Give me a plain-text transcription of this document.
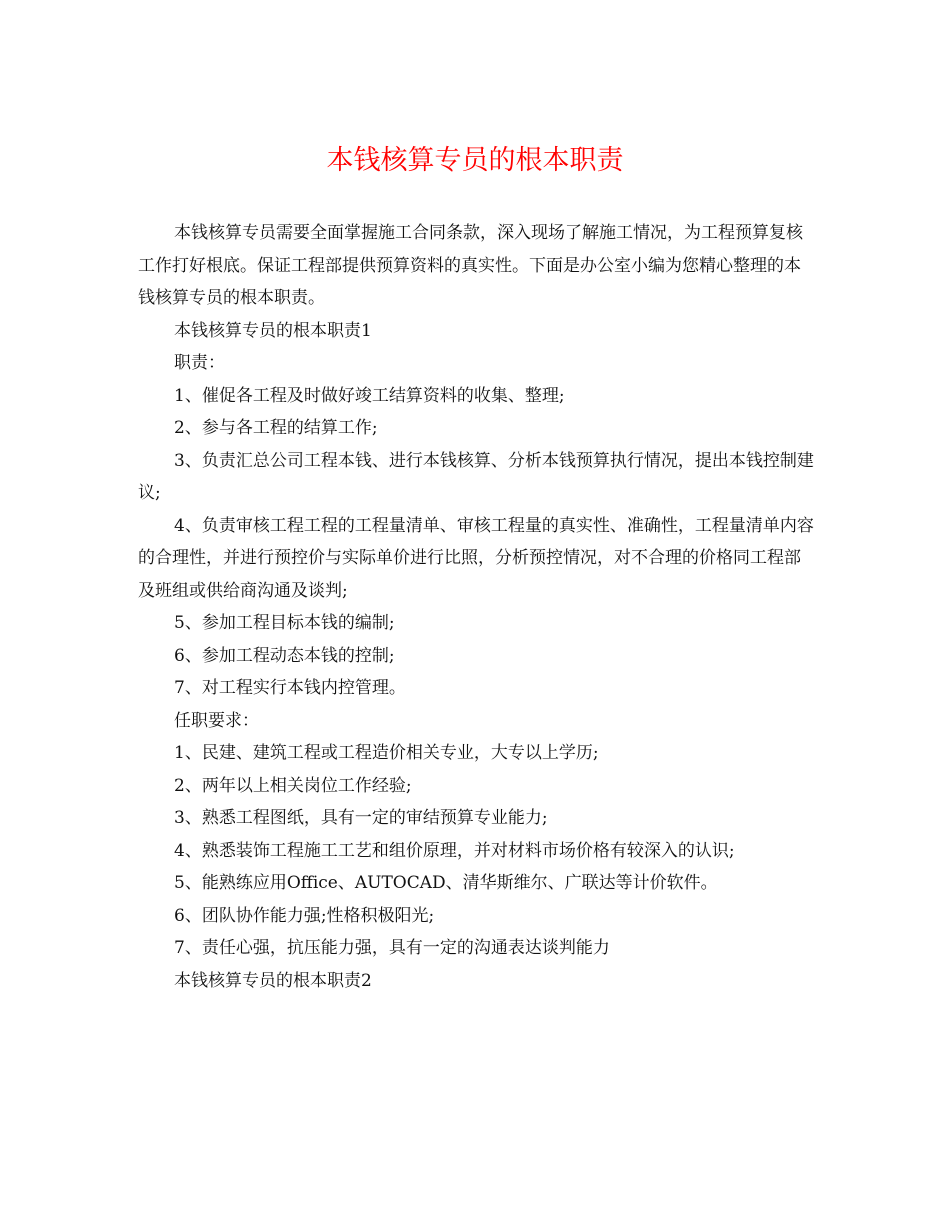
本钱核算专员的根本职责

本钱核算专员需要全面掌握施工合同条款，深入现场了解施工情况，为工程预算复核工作打好根底。保证工程部提供预算资料的真实性。下面是办公室小编为您精心整理的本钱核算专员的根本职责。

本钱核算专员的根本职责1

职责：

1、催促各工程及时做好竣工结算资料的收集、整理;

2、参与各工程的结算工作;

3、负责汇总公司工程本钱、进行本钱核算、分析本钱预算执行情况，提出本钱控制建议;

4、负责审核工程工程的工程量清单、审核工程量的真实性、准确性，工程量清单内容的合理性，并进行预控价与实际单价进行比照，分析预控情况，对不合理的价格同工程部及班组或供给商沟通及谈判;

5、参加工程目标本钱的编制;

6、参加工程动态本钱的控制;

7、对工程实行本钱内控管理。

任职要求：

1、民建、建筑工程或工程造价相关专业，大专以上学历;

2、两年以上相关岗位工作经验;

3、熟悉工程图纸，具有一定的审结预算专业能力;

4、熟悉装饰工程施工工艺和组价原理，并对材料市场价格有较深入的认识;

5、能熟练应用Office、AUTOCAD、清华斯维尔、广联达等计价软件。

6、团队协作能力强;性格积极阳光;

7、责任心强，抗压能力强，具有一定的沟通表达谈判能力

本钱核算专员的根本职责2
